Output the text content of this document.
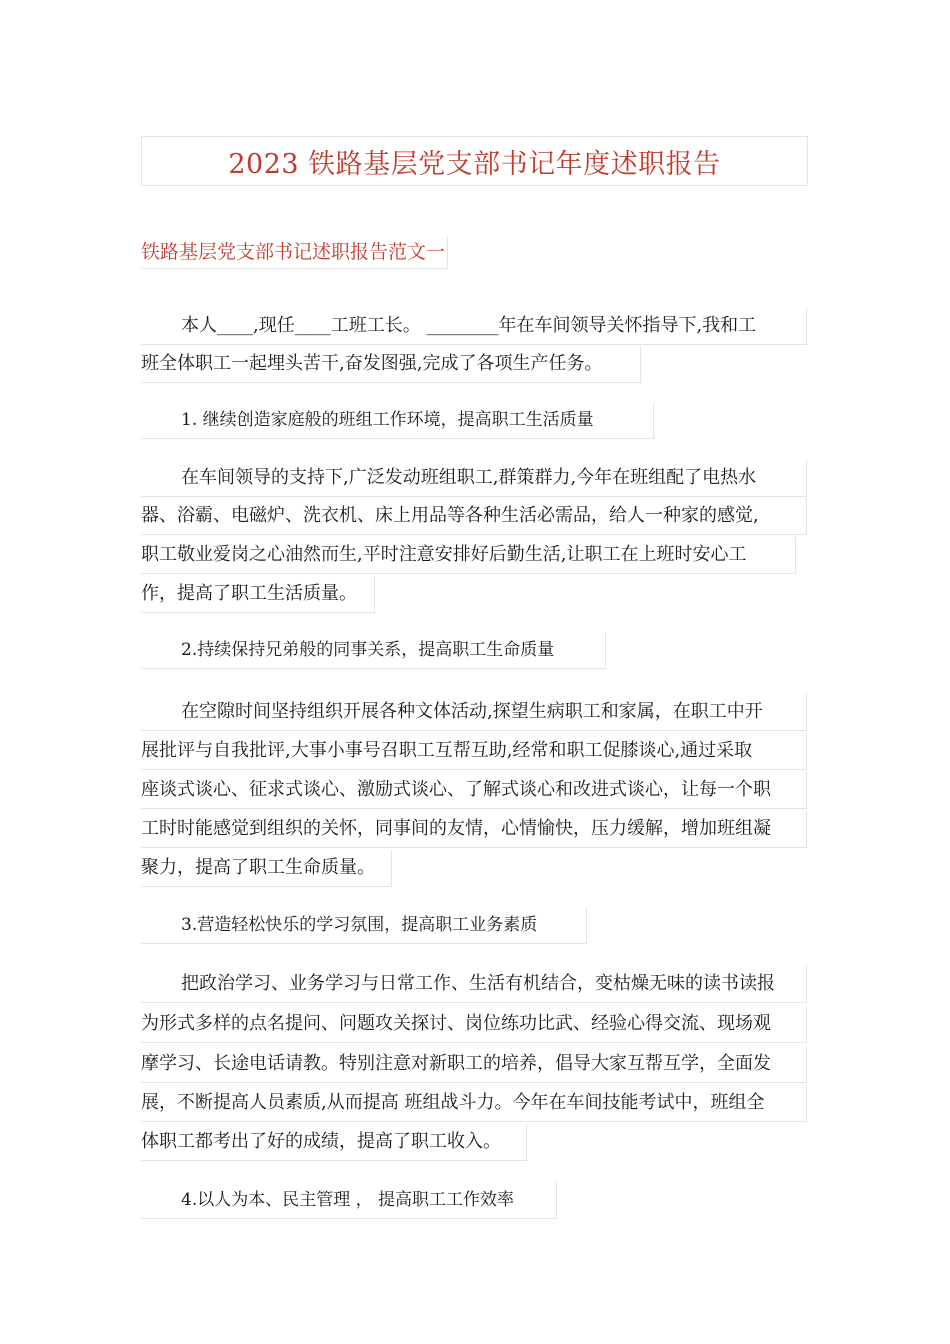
2023 铁路基层党支部书记年度述职报告
铁路基层党支部书记述职报告范文一
本人____,现任____工班工长。 ________年在车间领导关怀指导下,我和工
班全体职工一起埋头苦干,奋发图强,完成了各项生产任务。
1. 继续创造家庭般的班组工作环境，提高职工生活质量
在车间领导的支持下,广泛发动班组职工,群策群力,今年在班组配了电热水
器、浴霸、电磁炉、洗衣机、床上用品等各种生活必需品，给人一种家的感觉,
职工敬业爱岗之心油然而生,平时注意安排好后勤生活,让职工在上班时安心工
作，提高了职工生活质量。
2.持续保持兄弟般的同事关系，提高职工生命质量
在空隙时间坚持组织开展各种文体活动,探望生病职工和家属，在职工中开
展批评与自我批评,大事小事号召职工互帮互助,经常和职工促膝谈心,通过采取
座谈式谈心、征求式谈心、激励式谈心、了解式谈心和改进式谈心，让每一个职
工时时能感觉到组织的关怀，同事间的友情，心情愉快，压力缓解，增加班组凝
聚力，提高了职工生命质量。
3.营造轻松快乐的学习氛围，提高职工业务素质
把政治学习、业务学习与日常工作、生活有机结合，变枯燥无味的读书读报
为形式多样的点名提问、问题攻关探讨、岗位练功比武、经验心得交流、现场观
摩学习、长途电话请教。特别注意对新职工的培养，倡导大家互帮互学，全面发
展，不断提高人员素质,从而提高 班组战斗力。今年在车间技能考试中，班组全
体职工都考出了好的成绩，提高了职工收入。
4.以人为本、民主管理 ， 提高职工工作效率
